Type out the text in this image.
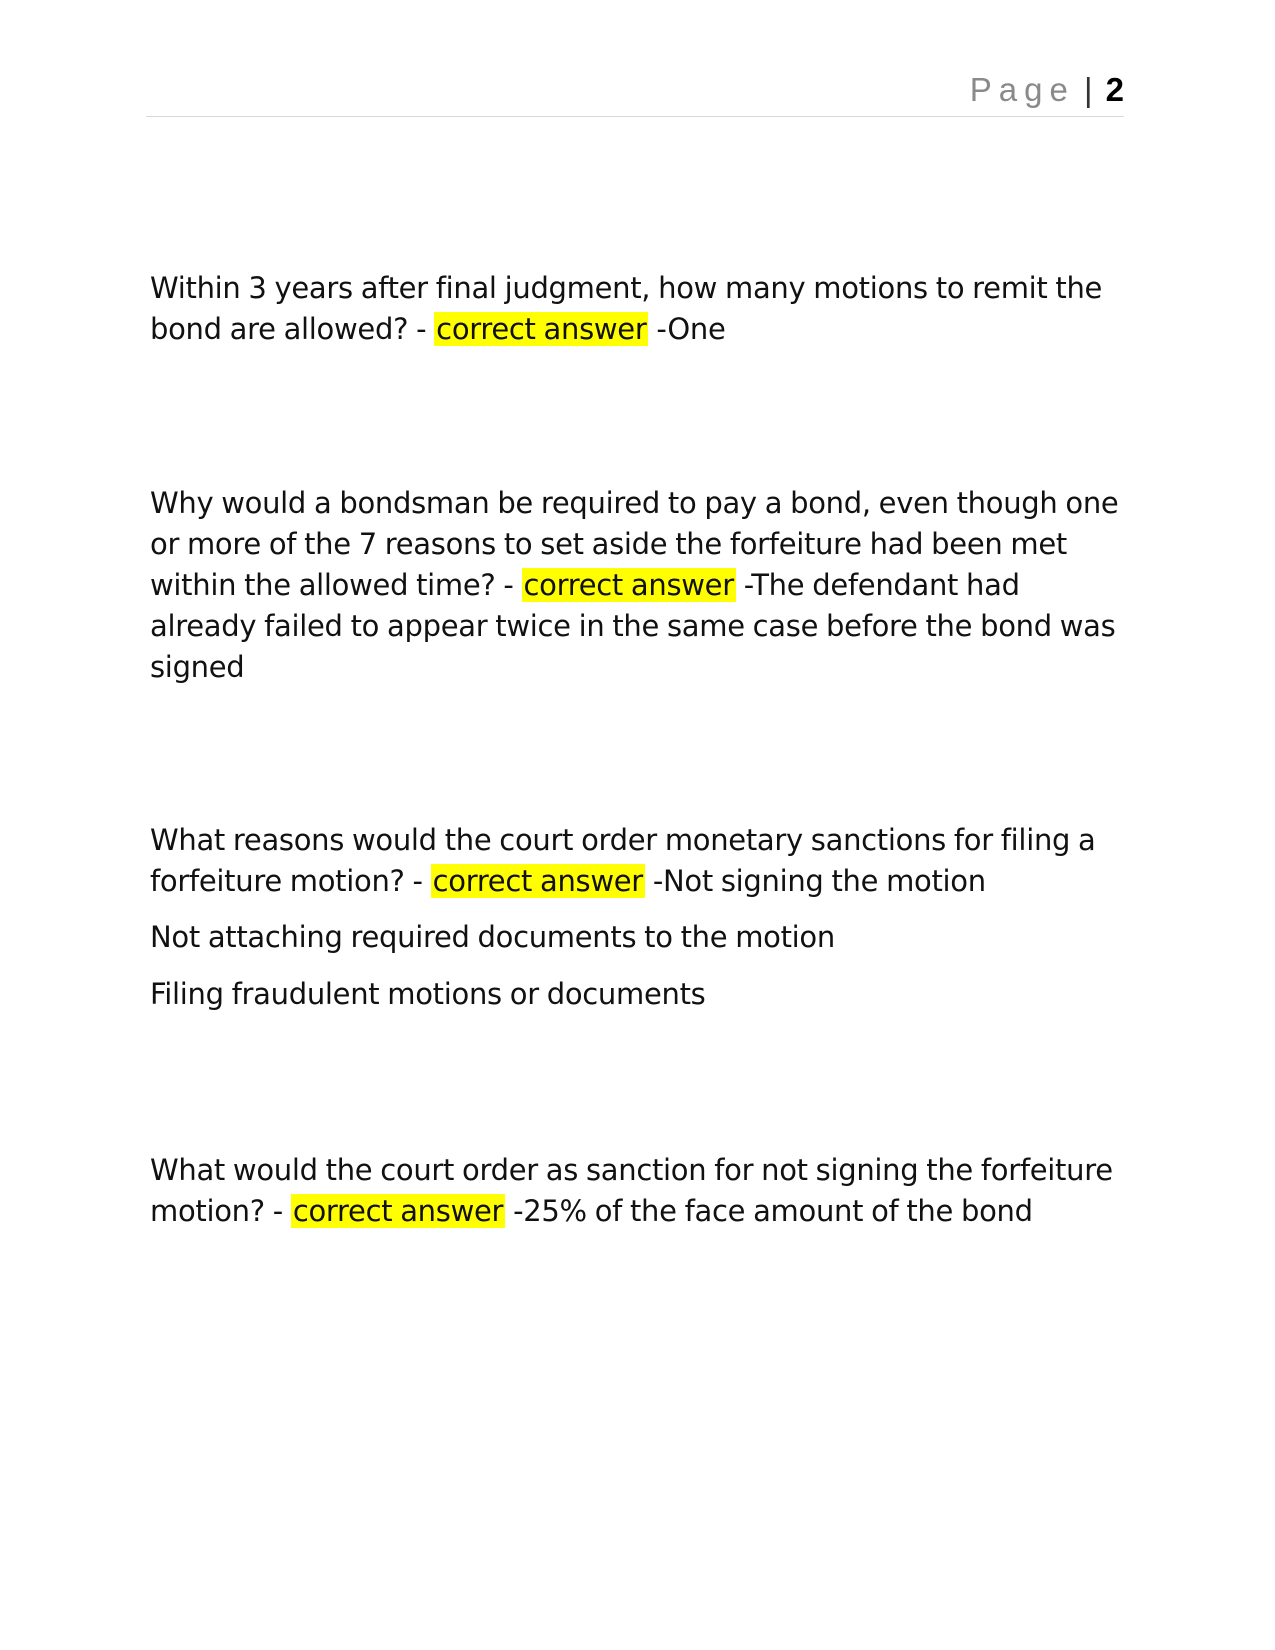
Page | 2
Within 3 years after final judgment, how many motions to remit the bond are allowed? - correct answer -One
Why would a bondsman be required to pay a bond, even though one or more of the 7 reasons to set aside the forfeiture had been met within the allowed time? - correct answer -The defendant had already failed to appear twice in the same case before the bond was signed
What reasons would the court order monetary sanctions for filing a forfeiture motion? - correct answer -Not signing the motion

Not attaching required documents to the motion

Filing fraudulent motions or documents

What would the court order as sanction for not signing the forfeiture motion? - correct answer -25% of the face amount of the bond
